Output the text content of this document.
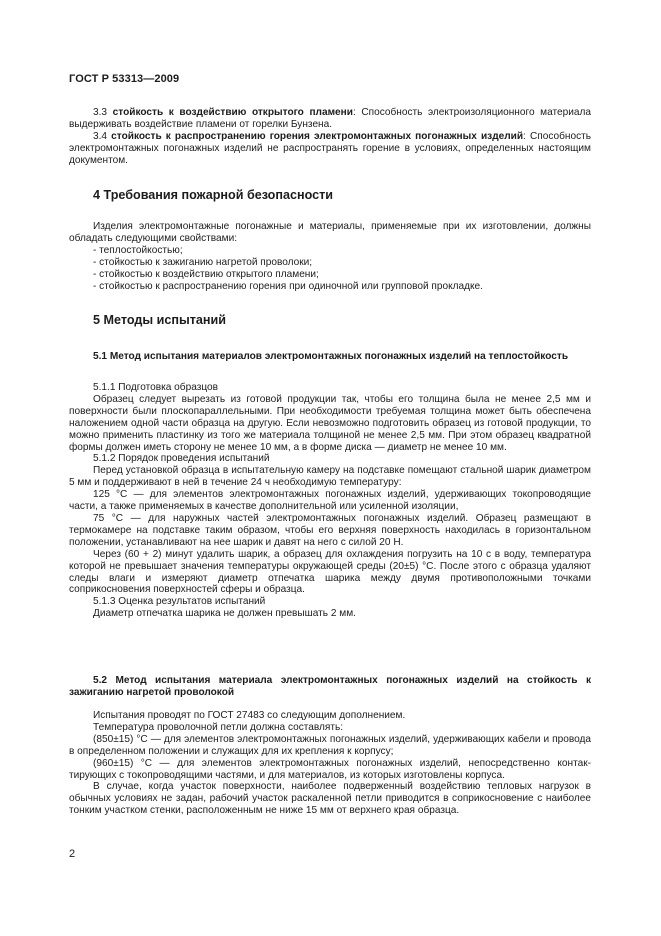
ГОСТ Р 53313—2009

3.3 стойкость к воздействию открытого пламени: Способность электроизоляционного материала выдерживать воздействие пламени от горелки Бунзена.

3.4 стойкость к распространению горения электромонтажных погонажных изделий: Способность электромонтажных погонажных изделий не распространять горение в условиях, определенных настоящим документом.

4 Требования пожарной безопасности

Изделия электромонтажные погонажные и материалы, применяемые при их изготовлении, должны обладать следующими свойствами:

- теплостойкостью;

- стойкостью к зажиганию нагретой проволоки;

- стойкостью к воздействию открытого пламени;

- стойкостью к распространению горения при одиночной или групповой прокладке.

5 Методы испытаний
5.1 Метод испытания материалов электромонтажных погонажных изделий на теплостойкость

5.1.1 Подготовка образцов

Образец следует вырезать из готовой продукции так, чтобы его толщина была не менее 2,5 мм и поверхности были плоскопараллельными. При необходимости требуемая толщина может быть обеспечена наложением одной части образца на другую. Если невозможно подготовить образец из готовой продукции, то можно применить пластинку из того же материала толщиной не менее 2,5 мм. При этом образец квадратной формы должен иметь сторону не менее 10 мм, а в форме диска — диаметр не менее 10 мм.

5.1.2 Порядок проведения испытаний

Перед установкой образца в испытательную камеру на подставке помещают стальной шарик диаметром 5 мм и поддерживают в ней в течение 24 ч необходимую температуру:

125 °С — для элементов электромонтажных погонажных изделий, удерживающих токопроводящие части, а также применяемых в качестве дополнительной или усиленной изоляции,

75 °С — для наружных частей электромонтажных погонажных изделий. Образец размещают в термокамере на подставке таким образом, чтобы его верхняя поверхность находилась в горизонтальном положении, устанавливают на нее шарик и давят на него с силой 20 Н.

Через (60 + 2) минут удалить шарик, а образец для охлаждения погрузить на 10 с в воду, температура которой не превышает значения температуры окружающей среды (20±5) °С. После этого с образца удаляют следы влаги и измеряют диаметр отпечатка шарика между двумя противоположными точками соприкосновения поверхностей сферы и образца.

5.1.3 Оценка результатов испытаний

Диаметр отпечатка шарика не должен превышать 2 мм.

5.2 Метод испытания материала электромонтажных погонажных изделий на стойкость к зажиганию нагретой проволокой

Испытания проводят по ГОСТ 27483 со следующим дополнением.

Температура проволочной петли должна составлять:

(850±15) °С — для элементов электромонтажных погонажных изделий, удерживающих кабели и провода в определенном положении и служащих для их крепления к корпусу;

(960±15) °С — для элементов электромонтажных погонажных изделий, непосредственно контактирующих с токопроводящими частями, и для материалов, из которых изготовлены корпуса.

В случае, когда участок поверхности, наиболее подверженный воздействию тепловых нагрузок в обычных условиях не задан, рабочий участок раскаленной петли приводится в соприкосновение с наиболее тонким участком стенки, расположенным не ниже 15 мм от верхнего края образца.

2
